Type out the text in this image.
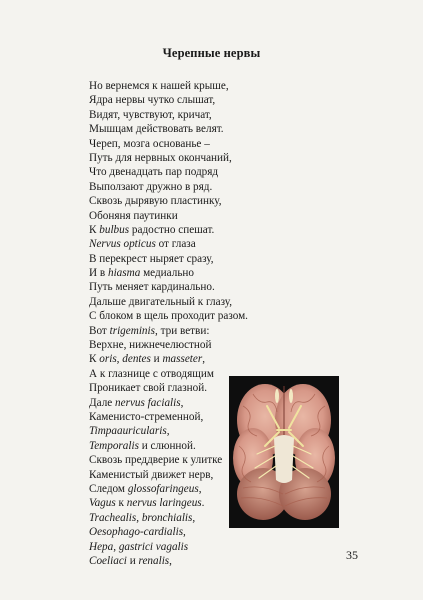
Черепные нервы
Но вернемся к нашей крыше,
Ядра нервы чутко слышат,
Видят, чувствуют, кричат,
Мышцам действовать велят.
Череп, мозга основанье –
Путь для нервных окончаний,
Что двенадцать пар подряд
Выползают дружно в ряд.
Сквозь дырявую пластинку,
Обоняня паутинки
К bulbus радостно спешат.
Nervus opticus от глаза
В перекрест ныряет сразу,
И в hiasma медиально
Путь меняет кардинально.
Дальше двигательный к глазу,
С блоком в щель проходит разом.
Вот trigeminis, три ветви:
Верхне, нижнечелюстной
К oris, dentes и masseter,
А к глазнице с отводящим
Проникает свой глазной.
Дале nervus facialis,
Каменисто-стременной,
Timpaauricularis,
Temporalis и слюнной.
Сквозь преддверие к улитке
Каменистый движет нерв,
Следом glossofaringeus,
Vagus к nervus laringeus.
Trachealis, bronchialis,
Oesophago-cardialis,
Hepa, gastrici vagalis
Coeliaci и renalis,	35
